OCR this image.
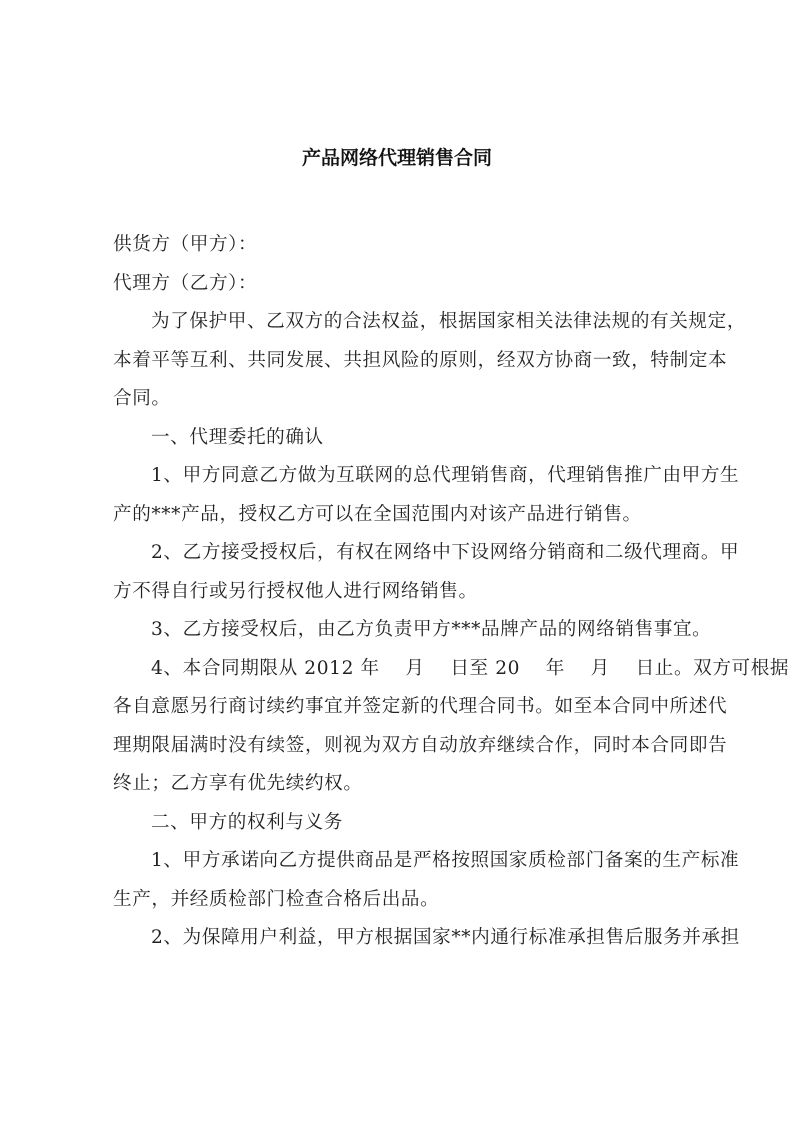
产品网络代理销售合同
供货方（甲方）：
代理方（乙方）：
为了保护甲、乙双方的合法权益，根据国家相关法律法规的有关规定，
本着平等互利、共同发展、共担风险的原则，经双方协商一致，特制定本
合同。
一、代理委托的确认
1、甲方同意乙方做为互联网的总代理销售商，代理销售推广由甲方生
产的***产品，授权乙方可以在全国范围内对该产品进行销售。
2、乙方接受授权后，有权在网络中下设网络分销商和二级代理商。甲
方不得自行或另行授权他人进行网络销售。
3、乙方接受权后，由乙方负责甲方***品牌产品的网络销售事宜。
4、本合同期限从 2012 年　 月　 日至 20　 年　 月　 日止。双方可根据
各自意愿另行商讨续约事宜并签定新的代理合同书。如至本合同中所述代
理期限届满时没有续签，则视为双方自动放弃继续合作，同时本合同即告
终止；乙方享有优先续约权。
二、甲方的权利与义务
1、甲方承诺向乙方提供商品是严格按照国家质检部门备案的生产标准
生产，并经质检部门检查合格后出品。
2、为保障用户利益，甲方根据国家**内通行标准承担售后服务并承担
